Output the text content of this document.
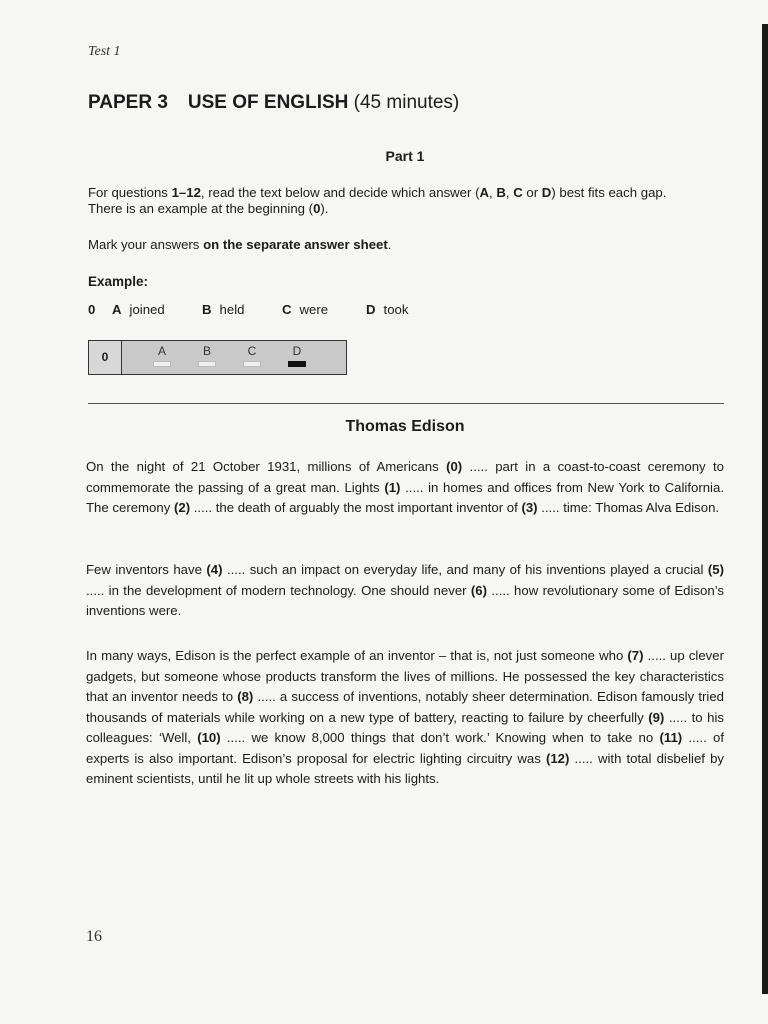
Test 1
PAPER 3 USE OF ENGLISH (45 minutes)
Part 1
For questions 1–12, read the text below and decide which answer (A, B, C or D) best fits each gap.
There is an example at the beginning (0).
Mark your answers on the separate answer sheet.
Example:
0 A joined	B held	C were	D took
0	A	B	C	D
Thomas Edison
On the night of 21 October 1931, millions of Americans (0) ..... part in a coast-to-coast ceremony to commemorate the passing of a great man. Lights (1) ..... in homes and offices from New York to California. The ceremony (2) ..... the death of arguably the most important inventor of (3) ..... time: Thomas Alva Edison.
Few inventors have (4) ..... such an impact on everyday life, and many of his inventions played a crucial (5) ..... in the development of modern technology. One should never (6) ..... how revolutionary some of Edison’s inventions were.
In many ways, Edison is the perfect example of an inventor – that is, not just someone who (7) ..... up clever gadgets, but someone whose products transform the lives of millions. He possessed the key characteristics that an inventor needs to (8) ..... a success of inventions, notably sheer determination. Edison famously tried thousands of materials while working on a new type of battery, reacting to failure by cheerfully (9) ..... to his colleagues: ‘Well, (10) ..... we know 8,000 things that don’t work.’ Knowing when to take no (11) ..... of experts is also important. Edison’s proposal for electric lighting circuitry was (12) ..... with total disbelief by eminent scientists, until he lit up whole streets with his lights.
16
